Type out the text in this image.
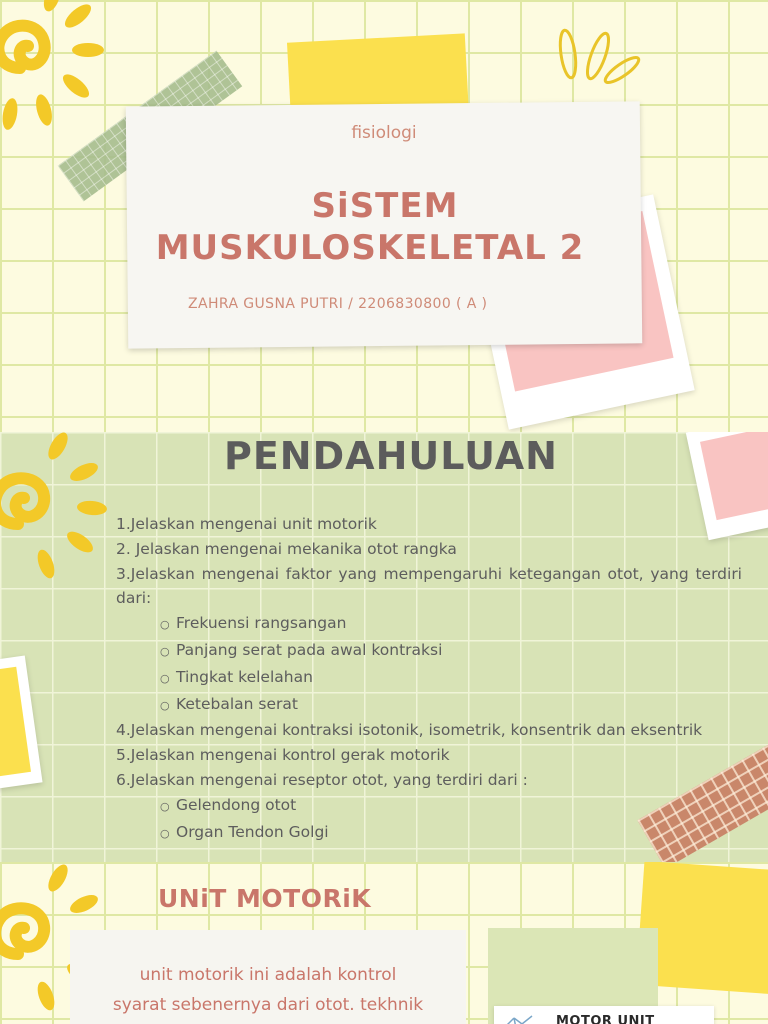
fisiologi
SiSTEM
MUSKULOSKELETAL 2
ZAHRA GUSNA PUTRI / 2206830800 ( A )
PENDAHULUAN
1.Jelaskan mengenai unit motorik
2. Jelaskan mengenai mekanika otot rangka
3.Jelaskan mengenai faktor yang mempengaruhi ketegangan otot, yang terdiri dari:
○ Frekuensi rangsangan
○ Panjang serat pada awal kontraksi
○ Tingkat kelelahan
○ Ketebalan serat
4.Jelaskan mengenai kontraksi isotonik, isometrik, konsentrik dan eksentrik
5.Jelaskan mengenai kontrol gerak motorik
6.Jelaskan mengenai reseptor otot, yang terdiri dari :
○ Gelendong otot
○ Organ Tendon Golgi
MOTOR UNIT
UNiT MOTORiK
unit motorik ini adalah kontrol
syarat sebenernya dari otot. tekhnik
